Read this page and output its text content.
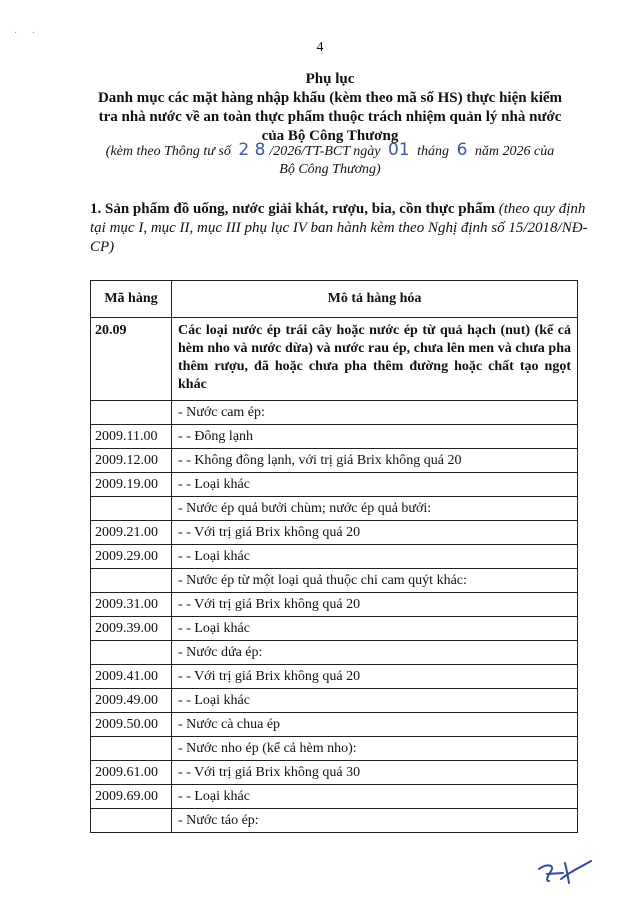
· ·
4
Phụ lục
Danh mục các mặt hàng nhập khẩu (kèm theo mã số HS) thực hiện kiểm
tra nhà nước về an toàn thực phẩm thuộc trách nhiệm quản lý nhà nước
của Bộ Công Thương
(kèm theo Thông tư số 2 8 /2026/TT-BCT ngày 01 tháng 6 năm 2026 của
Bộ Công Thương)
1. Sản phẩm đồ uống, nước giải khát, rượu, bia, cồn thực phẩm (theo quy định tại mục I, mục II, mục III phụ lục IV ban hành kèm theo Nghị định số 15/2018/NĐ-CP)
Mã hàng	Mô tả hàng hóa
20.09	Các loại nước ép trái cây hoặc nước ép từ quả hạch (nut) (kể cả hèm nho và nước dừa) và nước rau ép, chưa lên men và chưa pha thêm rượu, đã hoặc chưa pha thêm đường hoặc chất tạo ngọt khác
	- Nước cam ép:
2009.11.00	- - Đông lạnh
2009.12.00	- - Không đông lạnh, với trị giá Brix không quá 20
2009.19.00	- - Loại khác
	- Nước ép quả bưởi chùm; nước ép quả bưởi:
2009.21.00	- - Với trị giá Brix không quá 20
2009.29.00	- - Loại khác
	- Nước ép từ một loại quả thuộc chi cam quýt khác:
2009.31.00	- - Với trị giá Brix không quá 20
2009.39.00	- - Loại khác
	- Nước dứa ép:
2009.41.00	- - Với trị giá Brix không quá 20
2009.49.00	- - Loại khác
2009.50.00	- Nước cà chua ép
	- Nước nho ép (kể cả hèm nho):
2009.61.00	- - Với trị giá Brix không quá 30
2009.69.00	- - Loại khác
	- Nước táo ép:
